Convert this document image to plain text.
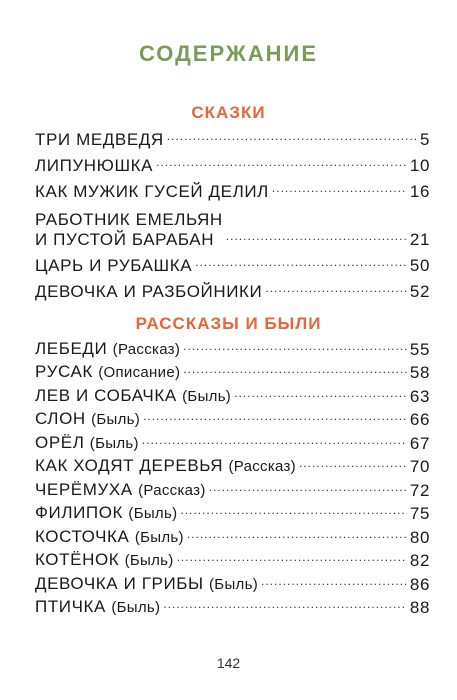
СОДЕРЖАНИЕ
СКАЗКИ
ТРИ МЕДВЕДЯ .....	5
ЛИПУНЮШКА .....	10
КАК МУЖИК ГУСЕЙ ДЕЛИЛ .....	16
РАБОТНИК ЕМЕЛЬЯН
И ПУСТОЙ БАРАБАН .....	21
ЦАРЬ И РУБАШКА .....	50
ДЕВОЧКА И РАЗБОЙНИКИ .....	52
РАССКАЗЫ И БЫЛИ
ЛЕБЕДИ (Рассказ) .....	55
РУСАК (Описание) .....	58
ЛЕВ И СОБАЧКА (Быль) .....	63
СЛОН (Быль) .....	66
ОРЁЛ (Быль) .....	67
КАК ХОДЯТ ДЕРЕВЬЯ (Рассказ) .....	70
ЧЕРЁМУХА (Рассказ) .....	72
ФИЛИПОК (Быль) .....	75
КОСТОЧКА (Быль) .....	80
КОТЁНОК (Быль) .....	82
ДЕВОЧКА И ГРИБЫ (Быль) .....	86
ПТИЧКА (Быль) .....	88
142
